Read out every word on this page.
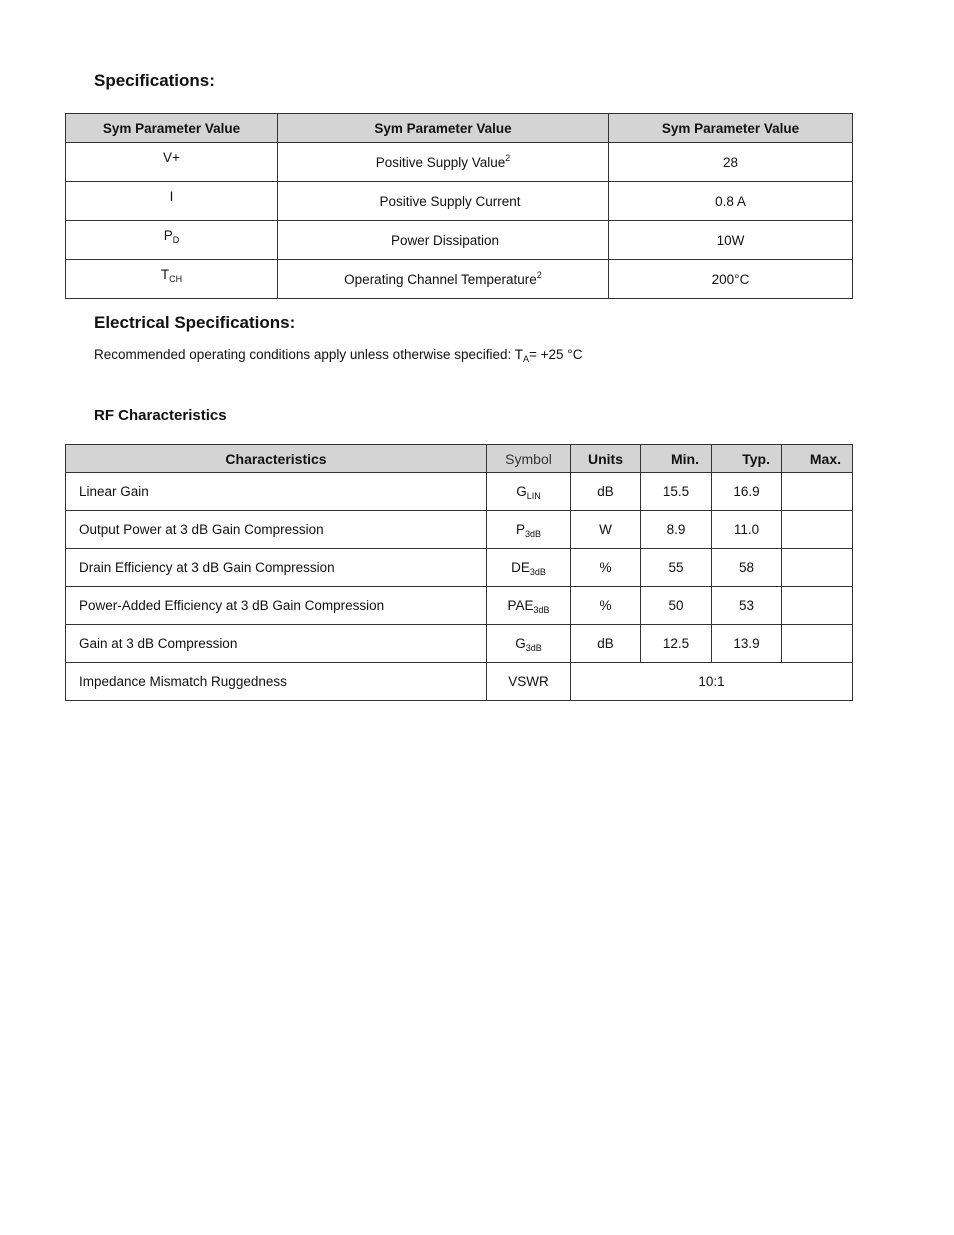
Specifications:
Sym Parameter Value	Sym Parameter Value	Sym Parameter Value
V+	Positive Supply Value$^2$	28
I	Positive Supply Current	0.8 A
$P_D$	Power Dissipation	10W
$T_{CH}$	Operating Channel Temperature$^2$	200°C
Electrical Specifications:
Recommended operating conditions apply unless otherwise specified: $T_A= +25$ °C
RF Characteristics
Characteristics	Symbol	Units	Min.	Typ.	Max.
Linear Gain	$G_{LIN}$	dB	15.5	16.9	
Output Power at 3 dB Gain Compression	$P_{3dB}$	W	8.9	11.0	
Drain Efficiency at 3 dB Gain Compression	$DE_{3dB}$	%	55	58	
Power-Added Efficiency at 3 dB Gain Compression	$PAE_{3dB}$	%	50	53	
Gain at 3 dB Compression	$G_{3dB}$	dB	12.5	13.9	
Impedance Mismatch Ruggedness	VSWR	10:1			
